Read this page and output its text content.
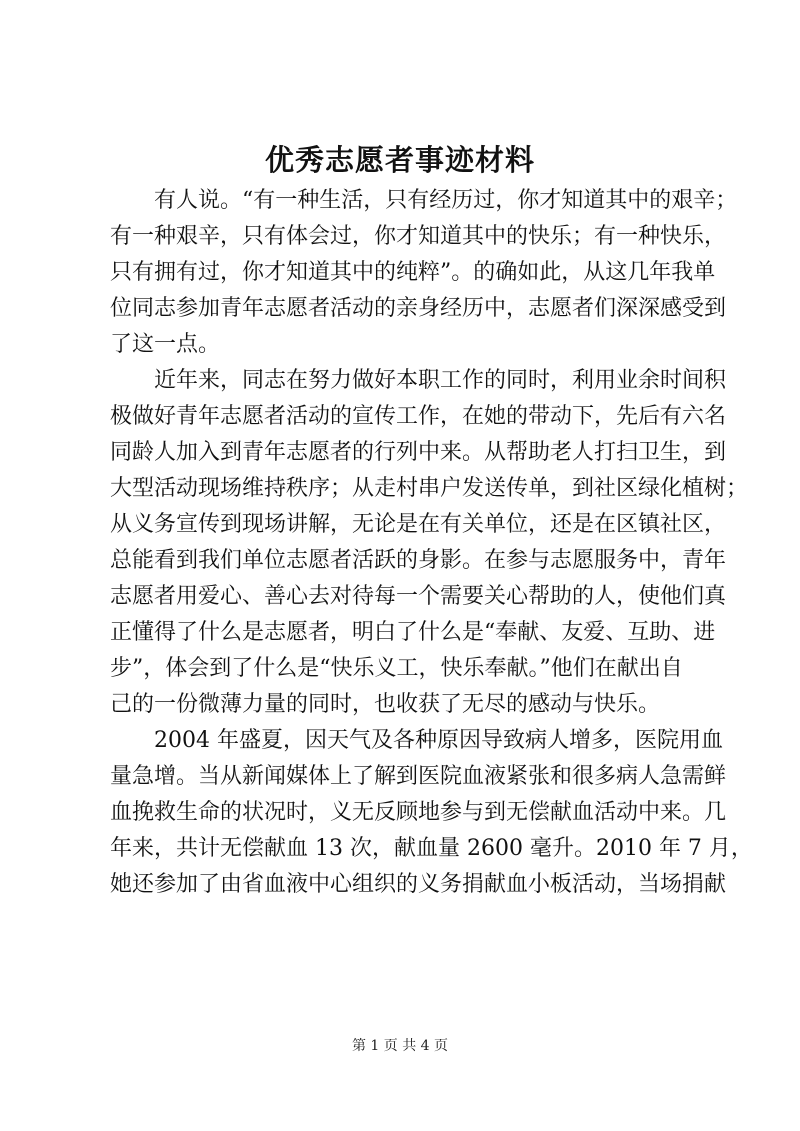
优秀志愿者事迹材料

　　有人说。“有一种生活，只有经历过，你才知道其中的艰辛；
有一种艰辛，只有体会过，你才知道其中的快乐；有一种快乐，
只有拥有过，你才知道其中的纯粹”。的确如此，从这几年我单
位同志参加青年志愿者活动的亲身经历中，志愿者们深深感受到
了这一点。

　　近年来，同志在努力做好本职工作的同时，利用业余时间积
极做好青年志愿者活动的宣传工作，在她的带动下，先后有六名
同龄人加入到青年志愿者的行列中来。从帮助老人打扫卫生，到
大型活动现场维持秩序；从走村串户发送传单，到社区绿化植树；
从义务宣传到现场讲解，无论是在有关单位，还是在区镇社区，
总能看到我们单位志愿者活跃的身影。在参与志愿服务中，青年
志愿者用爱心、善心去对待每一个需要关心帮助的人，使他们真
正懂得了什么是志愿者，明白了什么是“奉献、友爱、互助、进
步”，体会到了什么是“快乐义工，快乐奉献。”他们在献出自
己的一份微薄力量的同时，也收获了无尽的感动与快乐。

　　2004 年盛夏，因天气及各种原因导致病人增多，医院用血
量急增。当从新闻媒体上了解到医院血液紧张和很多病人急需鲜
血挽救生命的状况时，义无反顾地参与到无偿献血活动中来。几
年来，共计无偿献血 13 次，献血量 2600 毫升。2010 年 7 月，
她还参加了由省血液中心组织的义务捐献血小板活动，当场捐献

第 1 页 共 4 页
